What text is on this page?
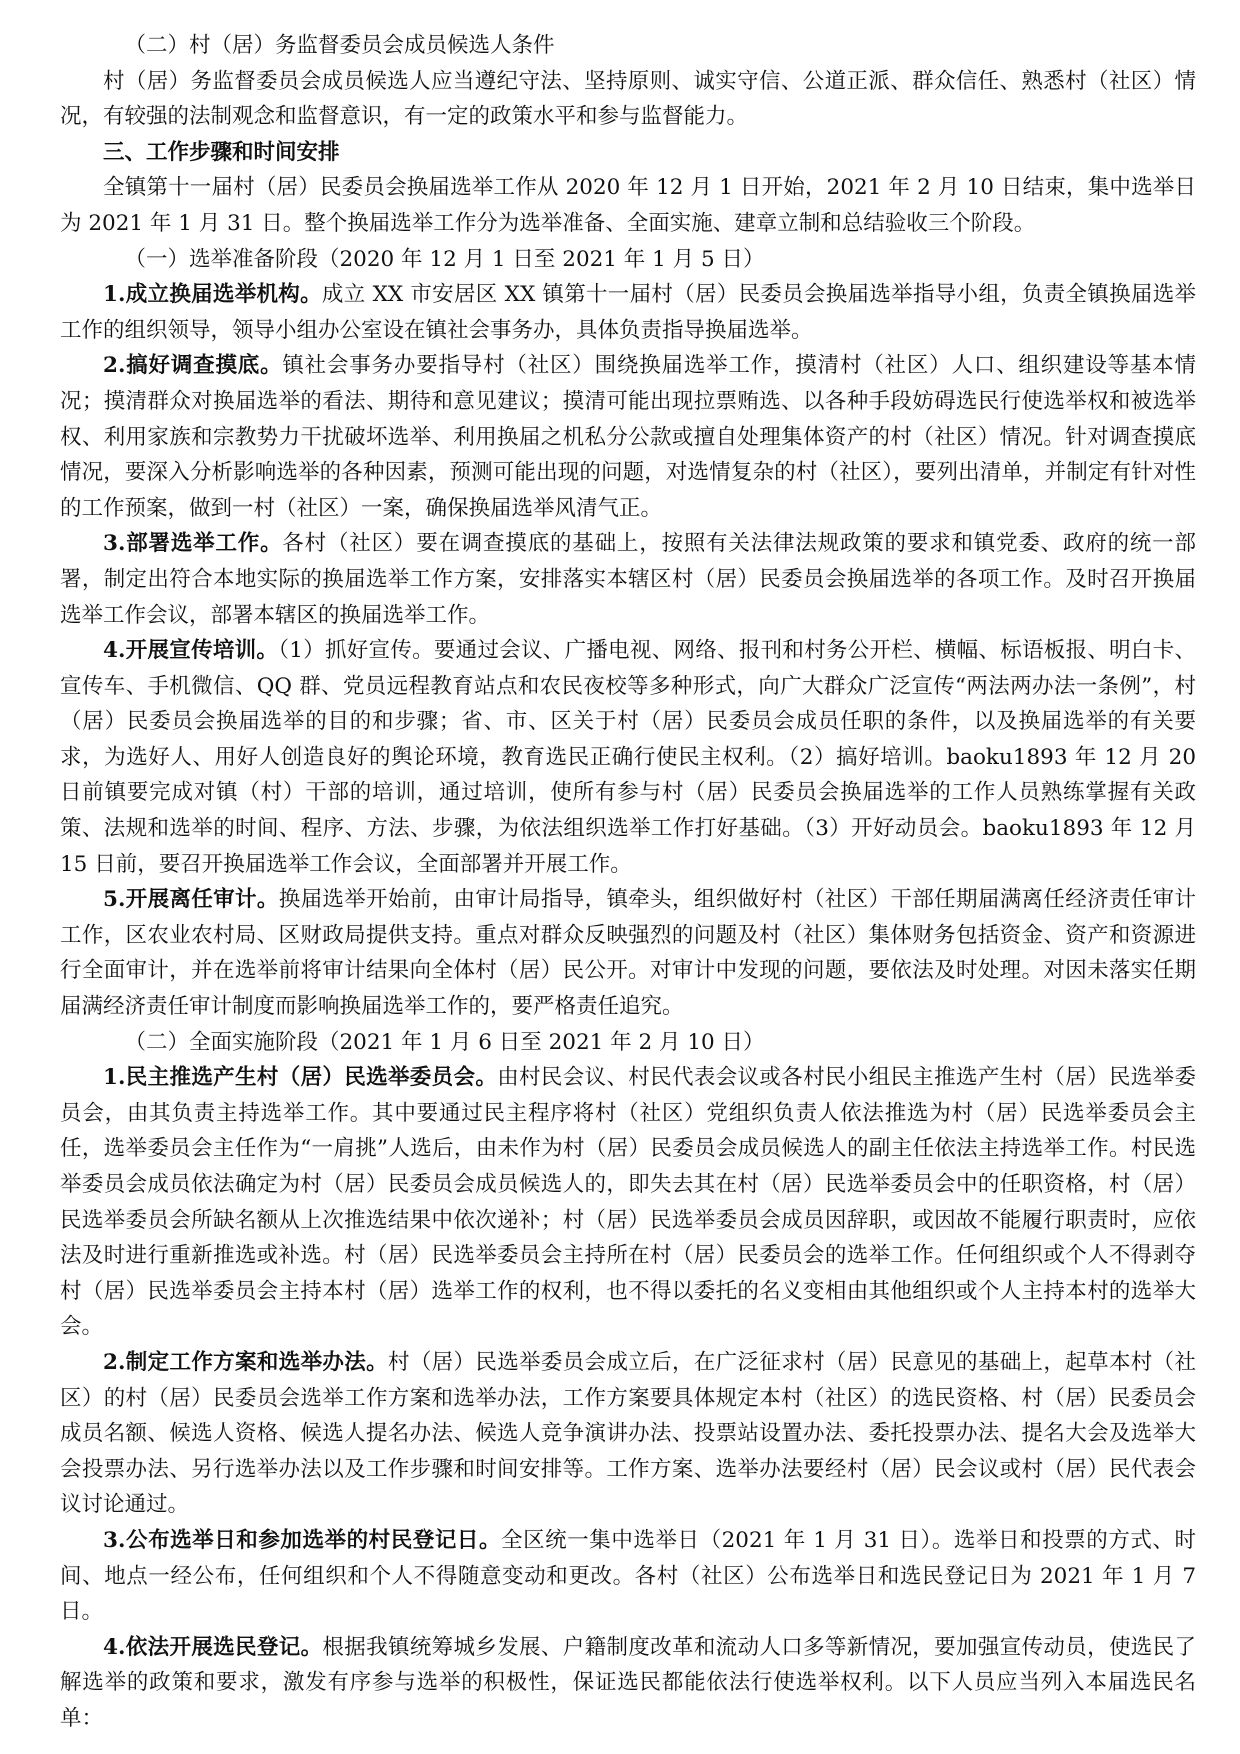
（二）村（居）务监督委员会成员候选人条件

村（居）务监督委员会成员候选人应当遵纪守法、坚持原则、诚实守信、公道正派、群众信任、熟悉村（社区）情况，有较强的法制观念和监督意识，有一定的政策水平和参与监督能力。

三、工作步骤和时间安排

全镇第十一届村（居）民委员会换届选举工作从 2020 年 12 月 1 日开始，2021 年 2 月 10 日结束，集中选举日为 2021 年 1 月 31 日。整个换届选举工作分为选举准备、全面实施、建章立制和总结验收三个阶段。

（一）选举准备阶段（2020 年 12 月 1 日至 2021 年 1 月 5 日）

1.成立换届选举机构。成立 XX 市安居区 XX 镇第十一届村（居）民委员会换届选举指导小组，负责全镇换届选举工作的组织领导，领导小组办公室设在镇社会事务办，具体负责指导换届选举。

2.搞好调查摸底。镇社会事务办要指导村（社区）围绕换届选举工作，摸清村（社区）人口、组织建设等基本情况；摸清群众对换届选举的看法、期待和意见建议；摸清可能出现拉票贿选、以各种手段妨碍选民行使选举权和被选举权、利用家族和宗教势力干扰破坏选举、利用换届之机私分公款或擅自处理集体资产的村（社区）情况。针对调查摸底情况，要深入分析影响选举的各种因素，预测可能出现的问题，对选情复杂的村（社区），要列出清单，并制定有针对性的工作预案，做到一村（社区）一案，确保换届选举风清气正。

3.部署选举工作。各村（社区）要在调查摸底的基础上，按照有关法律法规政策的要求和镇党委、政府的统一部署，制定出符合本地实际的换届选举工作方案，安排落实本辖区村（居）民委员会换届选举的各项工作。及时召开换届选举工作会议，部署本辖区的换届选举工作。

4.开展宣传培训。（1）抓好宣传。要通过会议、广播电视、网络、报刊和村务公开栏、横幅、标语板报、明白卡、宣传车、手机微信、QQ 群、党员远程教育站点和农民夜校等多种形式，向广大群众广泛宣传“两法两办法一条例”，村（居）民委员会换届选举的目的和步骤；省、市、区关于村（居）民委员会成员任职的条件，以及换届选举的有关要求，为选好人、用好人创造良好的舆论环境，教育选民正确行使民主权利。（2）搞好培训。baoku1893 年 12 月 20 日前镇要完成对镇（村）干部的培训，通过培训，使所有参与村（居）民委员会换届选举的工作人员熟练掌握有关政策、法规和选举的时间、程序、方法、步骤，为依法组织选举工作打好基础。（3）开好动员会。baoku1893 年 12 月 15 日前，要召开换届选举工作会议，全面部署并开展工作。

5.开展离任审计。换届选举开始前，由审计局指导，镇牵头，组织做好村（社区）干部任期届满离任经济责任审计工作，区农业农村局、区财政局提供支持。重点对群众反映强烈的问题及村（社区）集体财务包括资金、资产和资源进行全面审计，并在选举前将审计结果向全体村（居）民公开。对审计中发现的问题，要依法及时处理。对因未落实任期届满经济责任审计制度而影响换届选举工作的，要严格责任追究。

（二）全面实施阶段（2021 年 1 月 6 日至 2021 年 2 月 10 日）

1.民主推选产生村（居）民选举委员会。由村民会议、村民代表会议或各村民小组民主推选产生村（居）民选举委员会，由其负责主持选举工作。其中要通过民主程序将村（社区）党组织负责人依法推选为村（居）民选举委员会主任，选举委员会主任作为“一肩挑”人选后，由未作为村（居）民委员会成员候选人的副主任依法主持选举工作。村民选举委员会成员依法确定为村（居）民委员会成员候选人的，即失去其在村（居）民选举委员会中的任职资格，村（居）民选举委员会所缺名额从上次推选结果中依次递补；村（居）民选举委员会成员因辞职，或因故不能履行职责时，应依法及时进行重新推选或补选。村（居）民选举委员会主持所在村（居）民委员会的选举工作。任何组织或个人不得剥夺村（居）民选举委员会主持本村（居）选举工作的权利，也不得以委托的名义变相由其他组织或个人主持本村的选举大会。

2.制定工作方案和选举办法。村（居）民选举委员会成立后，在广泛征求村（居）民意见的基础上，起草本村（社区）的村（居）民委员会选举工作方案和选举办法，工作方案要具体规定本村（社区）的选民资格、村（居）民委员会成员名额、候选人资格、候选人提名办法、候选人竞争演讲办法、投票站设置办法、委托投票办法、提名大会及选举大会投票办法、另行选举办法以及工作步骤和时间安排等。工作方案、选举办法要经村（居）民会议或村（居）民代表会议讨论通过。

3.公布选举日和参加选举的村民登记日。全区统一集中选举日（2021 年 1 月 31 日）。选举日和投票的方式、时间、地点一经公布，任何组织和个人不得随意变动和更改。各村（社区）公布选举日和选民登记日为 2021 年 1 月 7 日。

4.依法开展选民登记。根据我镇统筹城乡发展、户籍制度改革和流动人口多等新情况，要加强宣传动员，使选民了解选举的政策和要求，激发有序参与选举的积极性，保证选民都能依法行使选举权利。以下人员应当列入本届选民名单：
